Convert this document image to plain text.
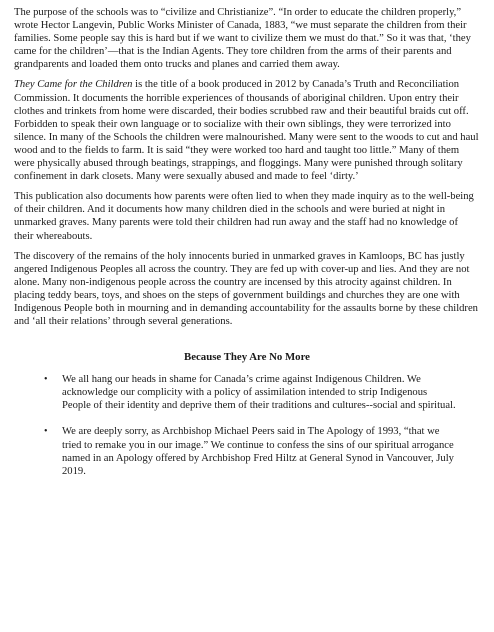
The purpose of the schools was to “civilize and Christianize”. “In order to educate the children properly,” wrote Hector Langevin, Public Works Minister of Canada, 1883, “we must separate the children from their families. Some people say this is hard but if we want to civilize them we must do that.” So it was that, ‘they came for the children’—that is the Indian Agents. They tore children from the arms of their parents and grandparents and loaded them onto trucks and planes and carried them away.

They Came for the Children is the title of a book produced in 2012 by Canada’s Truth and Reconciliation Commission. It documents the horrible experiences of thousands of aboriginal children. Upon entry their clothes and trinkets from home were discarded, their bodies scrubbed raw and their beautiful braids cut off. Forbidden to speak their own language or to socialize with their own siblings, they were terrorized into silence. In many of the Schools the children were malnourished. Many were sent to the woods to cut and haul wood and to the fields to farm. It is said “they were worked too hard and taught too little.” Many of them were physically abused through beatings, strappings, and floggings. Many were punished through solitary confinement in dark closets. Many were sexually abused and made to feel ‘dirty.’

This publication also documents how parents were often lied to when they made inquiry as to the well-being of their children. And it documents how many children died in the schools and were buried at night in unmarked graves. Many parents were told their children had run away and the staff had no knowledge of their whereabouts.

The discovery of the remains of the holy innocents buried in unmarked graves in Kamloops, BC has justly angered Indigenous Peoples all across the country. They are fed up with cover-up and lies. And they are not alone. Many non-indigenous people across the country are incensed by this atrocity against children. In placing teddy bears, toys, and shoes on the steps of government buildings and churches they are one with Indigenous People both in mourning and in demanding accountability for the assaults borne by these children and ‘all their relations’ through several generations.

Because They Are No More
• We all hang our heads in shame for Canada’s crime against Indigenous Children. We acknowledge our complicity with a policy of assimilation intended to strip Indigenous People of their identity and deprive them of their traditions and cultures--social and spiritual.
• We are deeply sorry, as Archbishop Michael Peers said in The Apology of 1993, “that we tried to remake you in our image.” We continue to confess the sins of our spiritual arrogance named in an Apology offered by Archbishop Fred Hiltz at General Synod in Vancouver, July 2019.
